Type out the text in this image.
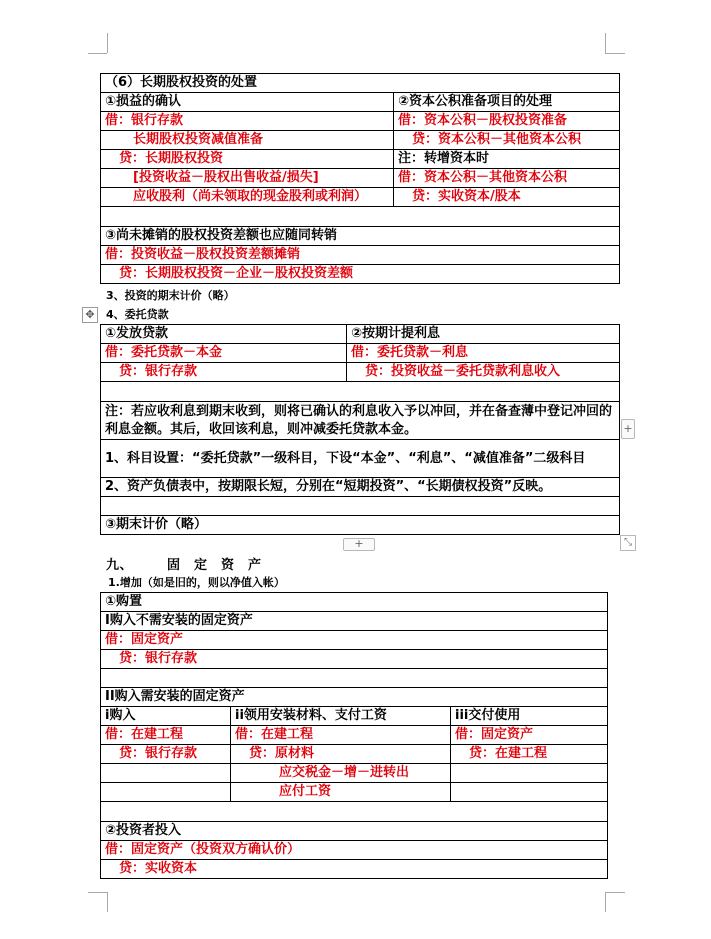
（6）长期股权投资的处置	
①损益的确认	②资本公积准备项目的处理
借：银行存款	借：资本公积－股权投资准备
长期股权投资减值准备	贷：资本公积－其他资本公积
贷：长期股权投资	注：转增资本时
[投资收益－股权出售收益/损失]	借：资本公积－其他资本公积
应收股利（尚未领取的现金股利或利润）	贷：实收资本/股本

③尚未摊销的股权投资差额也应随同转销	
借：投资收益－股权投资差额摊销	
贷：长期股权投资－企业－股权投资差额	
3、投资的期末计价（略）
✥	4、委托贷款
①发放贷款	②按期计提利息
借：委托贷款－本金	借：委托贷款－利息
贷：银行存款	贷：投资收益－委托贷款利息收入

注：若应收利息到期末收到，则将已确认的利息收入予以冲回，并在备查薄中登记冲回的利息金额。其后，收回该利息，则冲减委托贷款本金。	
1、科目设置：“委托贷款”一级科目，下设“本金”、“利息”、“减值准备”二级科目	
2、资产负债表中，按期限长短，分别在“短期投资”、“长期债权投资”反映。	

③期末计价（略）	
+
+	⤡
九、　　　固　定　资　产
1.增加（如是旧的，则以净值入帐）
①购置		
I购入不需安装的固定资产		
借：固定资产		
贷：银行存款		

II购入需安装的固定资产		
i购入	ii领用安装材料、支付工资	iii交付使用
借：在建工程	借：在建工程	借：固定资产
贷：银行存款	贷：原材料	贷：在建工程
	应交税金－增－进转出	
	应付工资	

②投资者投入		
借：固定资产（投资双方确认价）		
贷：实收资本		
